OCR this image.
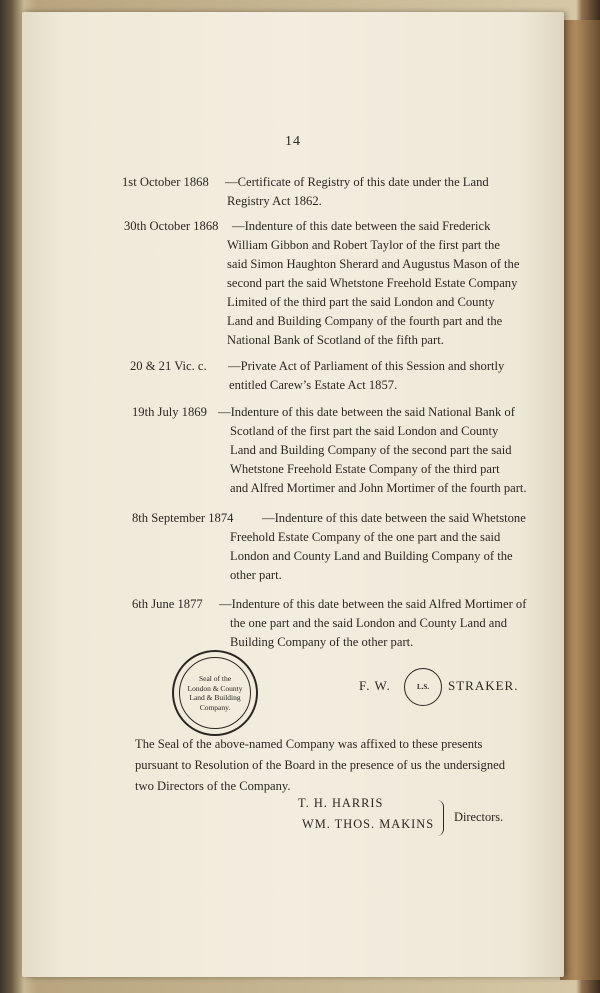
14
1st October 1868 —Certificate of Registry of this date under the Land
Registry Act 1862.
30th October 1868 —Indenture of this date between the said Frederick
William Gibbon and Robert Taylor of the first part the
said Simon Haughton Sherard and Augustus Mason of the
second part the said Whetstone Freehold Estate Company
Limited of the third part the said London and County
Land and Building Company of the fourth part and the
National Bank of Scotland of the fifth part.
20 & 21 Vic. c. —Private Act of Parliament of this Session and shortly
entitled Carew’s Estate Act 1857.
19th July 1869 —Indenture of this date between the said National Bank of
Scotland of the first part the said London and County
Land and Building Company of the second part the said
Whetstone Freehold Estate Company of the third part
and Alfred Mortimer and John Mortimer of the fourth part.
8th September 1874 —Indenture of this date between the said Whetstone
Freehold Estate Company of the one part and the said
London and County Land and Building Company of the
other part.
6th June 1877 —Indenture of this date between the said Alfred Mortimer of
the one part and the said London and County Land and
Building Company of the other part.
Seal of the
London & County
Land & Building
Company.
F. W.	L.S.	STRAKER.
The Seal of the above-named Company was affixed to these presents
pursuant to Resolution of the Board in the presence of us the undersigned
two Directors of the Company.
T. H. HARRIS
WM. THOS. MAKINS Directors.
